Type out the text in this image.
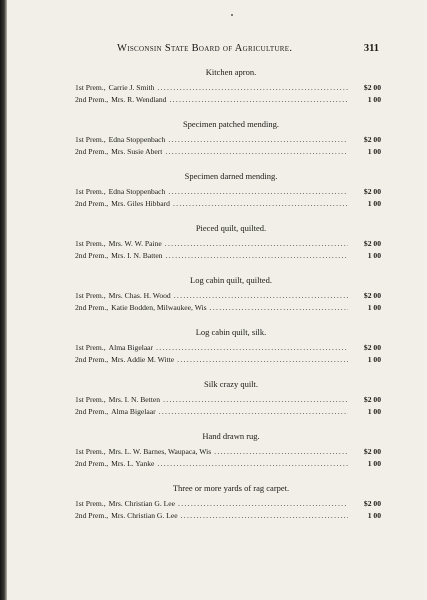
Wisconsin State Board of Agriculture.	311
Kitchen apron.
1st Prem., Carrie J. Smith .....	$2 00
2nd Prem., Mrs. R. Wendland .....	1 00
Specimen patched mending.
1st Prem., Edna Stoppenbach .....	$2 00
2nd Prem., Mrs. Susie Abert .....	1 00
Specimen darned mending.
1st Prem., Edna Stoppenbach .....	$2 00
2nd Prem., Mrs. Giles Hibbard .....	1 00
Pieced quilt, quilted.
1st Prem., Mrs. W. W. Paine .....	$2 00
2nd Prem., Mrs. I. N. Batten .....	1 00
Log cabin quilt, quilted.
1st Prem., Mrs. Chas. H. Wood .....	$2 00
2nd Prem., Katie Bodden, Milwaukee, Wis .....	1 00
Log cabin quilt, silk.
1st Prem., Alma Bigelaar .....	$2 00
2nd Prem., Mrs. Addie M. Witte .....	1 00
Silk crazy quilt.
1st Prem., Mrs. I. N. Betten .....	$2 00
2nd Prem., Alma Bigelaar .....	1 00
Hand drawn rug.
1st Prem., Mrs. L. W. Barnes, Waupaca, Wis .....	$2 00
2nd Prem., Mrs. L. Yanke .....	1 00
Three or more yards of rag carpet.
1st Prem., Mrs. Christian G. Lee .....	$2 00
2nd Prem., Mrs. Christian G. Lee .....	1 00
